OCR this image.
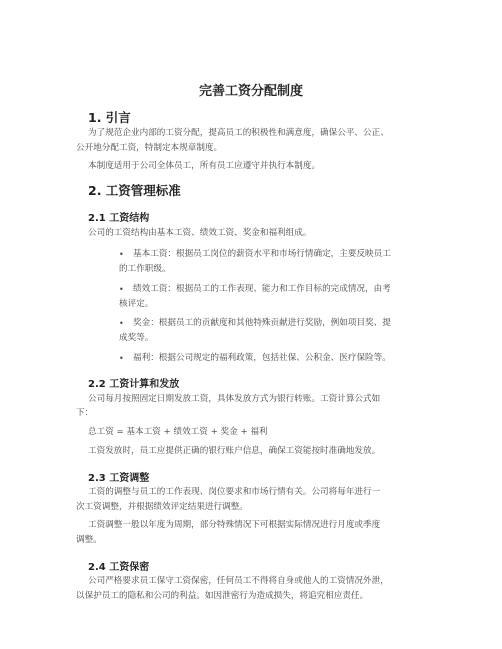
完善工资分配制度
1. 引言
为了规范企业内部的工资分配，提高员工的积极性和满意度，确保公平、公正、
公开地分配工资，特制定本规章制度。
本制度适用于公司全体员工，所有员工应遵守并执行本制度。
2. 工资管理标准
2.1 工资结构
公司的工资结构由基本工资、绩效工资、奖金和福利组成。
• 基本工资：根据员工岗位的薪资水平和市场行情确定，主要反映员工
的工作职级。
• 绩效工资：根据员工的工作表现、能力和工作目标的完成情况，由考
核评定。
• 奖金：根据员工的贡献度和其他特殊贡献进行奖励，例如项目奖、提
成奖等。
• 福利：根据公司规定的福利政策，包括社保、公积金、医疗保险等。
2.2 工资计算和发放
公司每月按照固定日期发放工资，具体发放方式为银行转账。工资计算公式如
下：
总工资 = 基本工资 + 绩效工资 + 奖金 + 福利
工资发放时，员工应提供正确的银行账户信息，确保工资能按时准确地发放。
2.3 工资调整
工资的调整与员工的工作表现、岗位要求和市场行情有关。公司将每年进行一
次工资调整，并根据绩效评定结果进行调整。
工资调整一般以年度为周期，部分特殊情况下可根据实际情况进行月度或季度
调整。
2.4 工资保密
公司严格要求员工保守工资保密，任何员工不得将自身或他人的工资情况外泄，
以保护员工的隐私和公司的利益。如因泄密行为造成损失，将追究相应责任。
